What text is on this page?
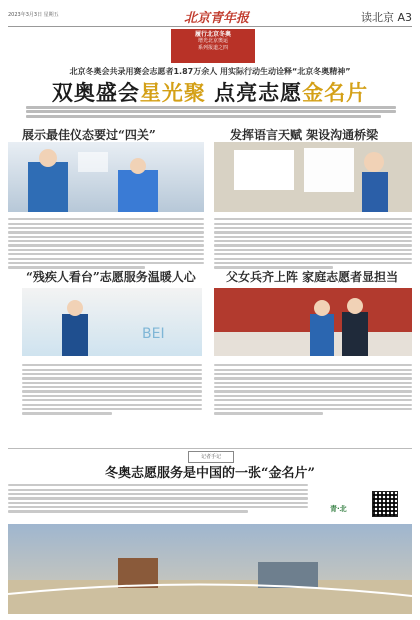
2023年3月3日 星期五	北京青年报	读北京 A3
履行北京冬奥
增光北京奥运
系列报道之四
北京冬奥会共录用赛会志愿者1.87万余人 用实际行动生动诠释“北京冬奥精神”
双奥盛会星光聚 点亮志愿金名片
展示最佳仪态要过“四关”	发挥语言天赋 架设沟通桥梁
“残疾人看台”志愿服务温暖人心
BEI
父女兵齐上阵 家庭志愿者显担当
记者手记
冬奥志愿服务是中国的一张“金名片”
青·北
